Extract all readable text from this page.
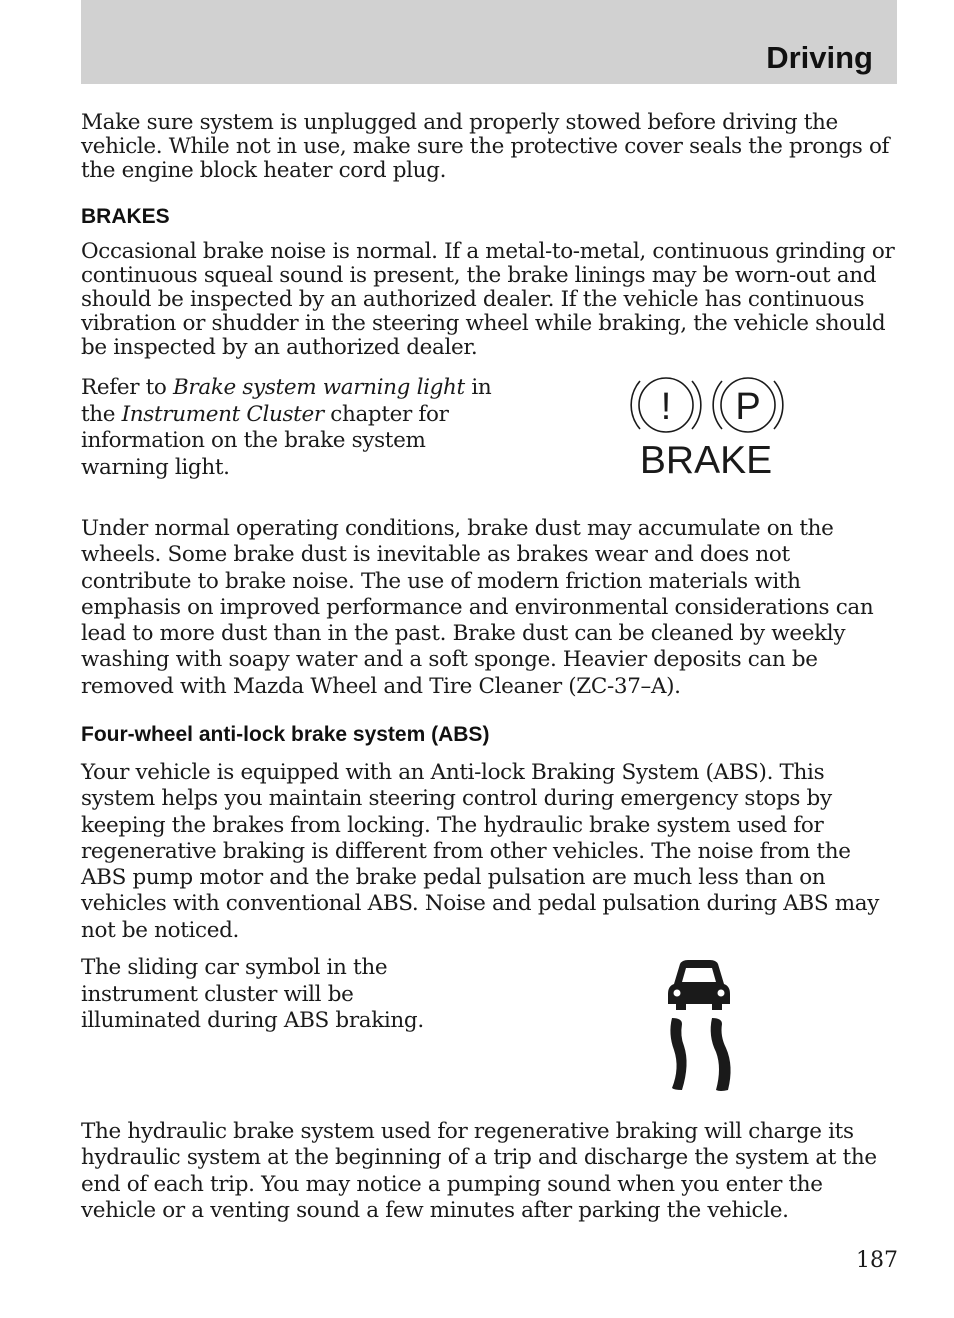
Driving

Make sure system is unplugged and properly stowed before driving the vehicle. While not in use, make sure the protective cover seals the prongs of the engine block heater cord plug.

BRAKES

Occasional brake noise is normal. If a metal-to-metal, continuous grinding or continuous squeal sound is present, the brake linings may be worn-out and should be inspected by an authorized dealer. If the vehicle has continuous vibration or shudder in the steering wheel while braking, the vehicle should be inspected by an authorized dealer.

Refer to Brake system warning light in the Instrument Cluster chapter for information on the brake system warning light.

! P
BRAKE

Under normal operating conditions, brake dust may accumulate on the wheels. Some brake dust is inevitable as brakes wear and does not contribute to brake noise. The use of modern friction materials with emphasis on improved performance and environmental considerations can lead to more dust than in the past. Brake dust can be cleaned by weekly washing with soapy water and a soft sponge. Heavier deposits can be removed with Mazda Wheel and Tire Cleaner (ZC-37–A).

Four-wheel anti-lock brake system (ABS)

Your vehicle is equipped with an Anti-lock Braking System (ABS). This system helps you maintain steering control during emergency stops by keeping the brakes from locking. The hydraulic brake system used for regenerative braking is different from other vehicles. The noise from the ABS pump motor and the brake pedal pulsation are much less than on vehicles with conventional ABS. Noise and pedal pulsation during ABS may not be noticed.

The sliding car symbol in the instrument cluster will be illuminated during ABS braking.

The hydraulic brake system used for regenerative braking will charge its hydraulic system at the beginning of a trip and discharge the system at the end of each trip. You may notice a pumping sound when you enter the vehicle or a venting sound a few minutes after parking the vehicle.

187
